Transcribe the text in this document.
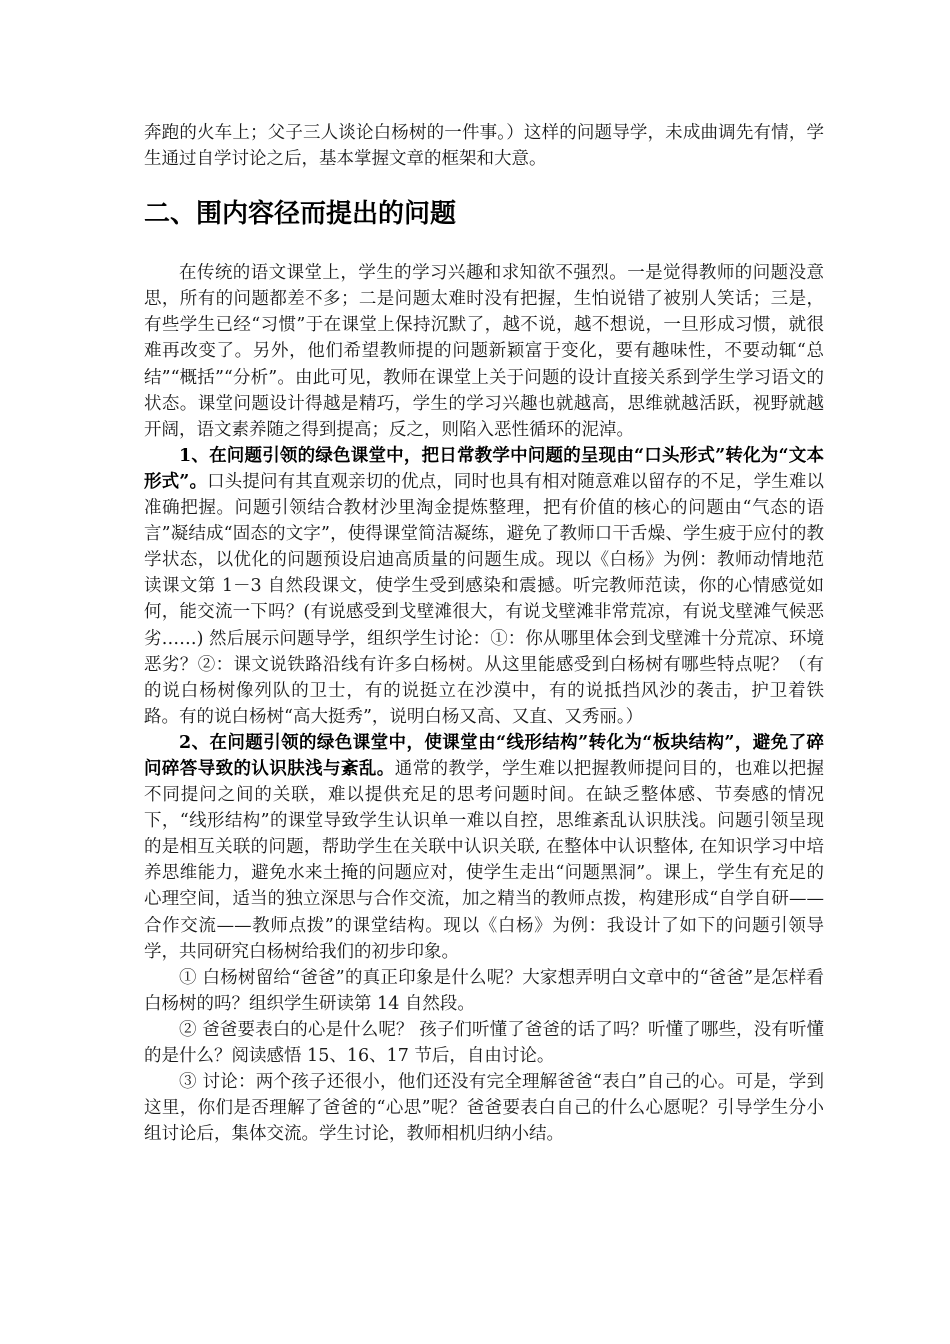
奔跑的火车上；父子三人谈论白杨树的一件事。）这样的问题导学，未成曲调先有情，学生通过自学讨论之后，基本掌握文章的框架和大意。

二、围内容径而提出的问题

在传统的语文课堂上，学生的学习兴趣和求知欲不强烈。一是觉得教师的问题没意思，所有的问题都差不多；二是问题太难时没有把握，生怕说错了被别人笑话；三是，有些学生已经“习惯”于在课堂上保持沉默了，越不说，越不想说，一旦形成习惯，就很难再改变了。另外，他们希望教师提的问题新颖富于变化，要有趣味性，不要动辄“总结”“概括”“分析”。由此可见，教师在课堂上关于问题的设计直接关系到学生学习语文的状态。课堂问题设计得越是精巧，学生的学习兴趣也就越高，思维就越活跃，视野就越开阔，语文素养随之得到提高；反之，则陷入恶性循环的泥淖。

1、在问题引领的绿色课堂中，把日常教学中问题的呈现由“口头形式”转化为“文本形式”。口头提问有其直观亲切的优点，同时也具有相对随意难以留存的不足，学生难以准确把握。问题引领结合教材沙里淘金提炼整理，把有价值的核心的问题由“气态的语言”凝结成“固态的文字”，使得课堂简洁凝练，避免了教师口干舌燥、学生疲于应付的教学状态，以优化的问题预设启迪高质量的问题生成。现以《白杨》为例：教师动情地范读课文第 1－3 自然段课文，使学生受到感染和震撼。听完教师范读，你的心情感觉如何，能交流一下吗？(有说感受到戈壁滩很大，有说戈壁滩非常荒凉，有说戈壁滩气候恶劣……) 然后展示问题导学，组织学生讨论：①：你从哪里体会到戈壁滩十分荒凉、环境恶劣？②：课文说铁路沿线有许多白杨树。从这里能感受到白杨树有哪些特点呢？（有的说白杨树像列队的卫士，有的说挺立在沙漠中，有的说抵挡风沙的袭击，护卫着铁路。有的说白杨树“高大挺秀”，说明白杨又高、又直、又秀丽。）

2、在问题引领的绿色课堂中，使课堂由“线形结构”转化为“板块结构”，避免了碎问碎答导致的认识肤浅与紊乱。通常的教学，学生难以把握教师提问目的，也难以把握不同提问之间的关联，难以提供充足的思考问题时间。在缺乏整体感、节奏感的情况下，“线形结构”的课堂导致学生认识单一难以自控，思维紊乱认识肤浅。问题引领呈现的是相互关联的问题，帮助学生在关联中认识关联, 在整体中认识整体, 在知识学习中培养思维能力，避免水来土掩的问题应对，使学生走出“问题黑洞”。课上，学生有充足的心理空间，适当的独立深思与合作交流，加之精当的教师点拨，构建形成“自学自研——合作交流——教师点拨”的课堂结构。现以《白杨》为例：我设计了如下的问题引领导学，共同研究白杨树给我们的初步印象。

① 白杨树留给“爸爸”的真正印象是什么呢？大家想弄明白文章中的“爸爸”是怎样看白杨树的吗？组织学生研读第 14 自然段。

② 爸爸要表白的心是什么呢？ 孩子们听懂了爸爸的话了吗？听懂了哪些，没有听懂的是什么？阅读感悟 15、16、17 节后，自由讨论。

③ 讨论：两个孩子还很小，他们还没有完全理解爸爸“表白”自己的心。可是，学到这里，你们是否理解了爸爸的“心思”呢？爸爸要表白自己的什么心愿呢？引导学生分小组讨论后，集体交流。学生讨论，教师相机归纳小结。
